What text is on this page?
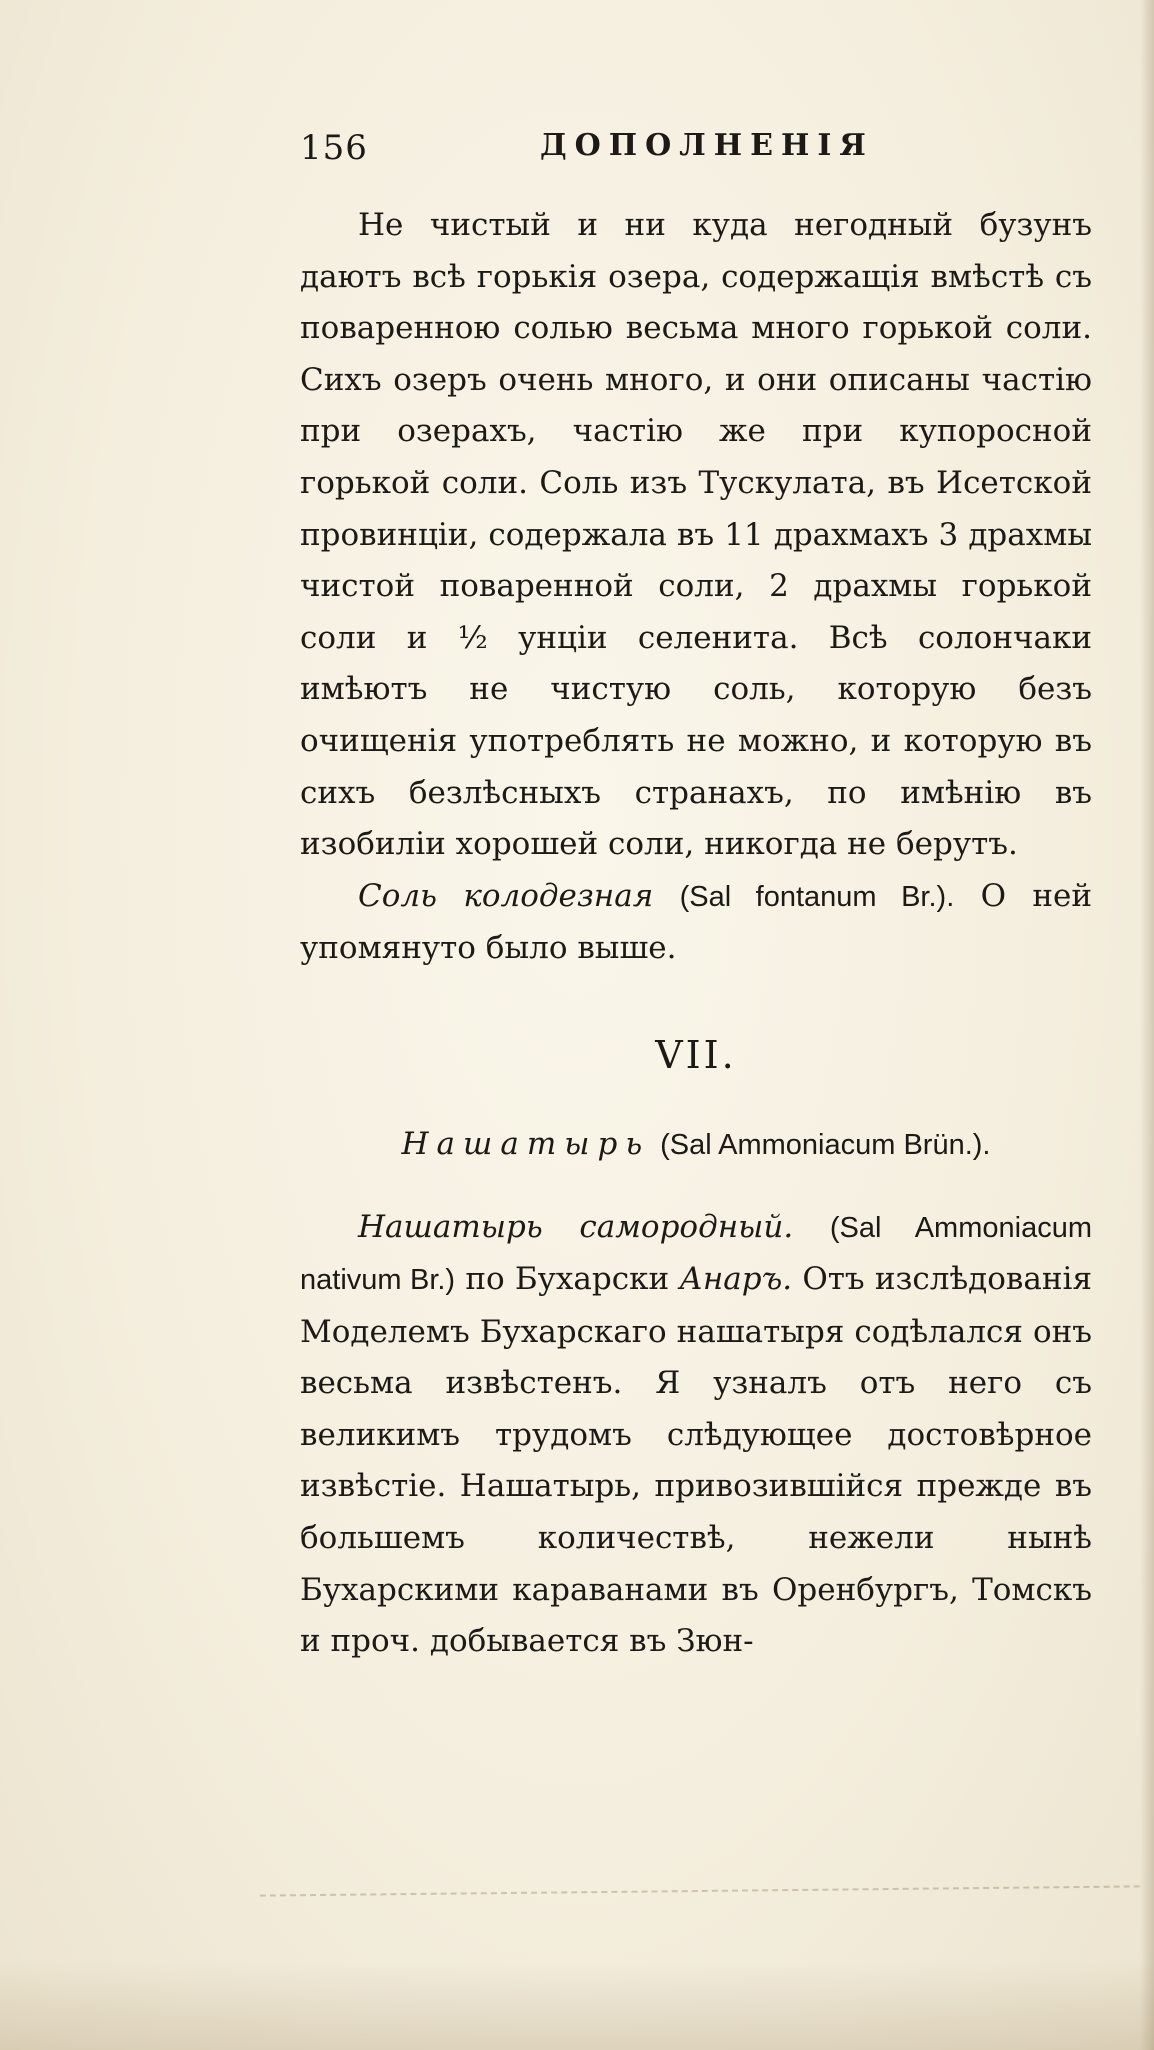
156	ДОПОЛНЕНІЯ

Не чистый и ни куда негодный бузунъ даютъ всѣ горькія озера, содержащія вмѣстѣ съ поваренною солью весьма много горькой соли. Сихъ озеръ очень много, и они описаны частію при озерахъ, частію же при купоросной горькой соли. Соль изъ Тускулата, въ Исетской провинціи, содержала въ 11 драхмахъ 3 драхмы чистой поваренной соли, 2 драхмы горькой соли и ½ унціи селенита. Всѣ солончаки имѣютъ не чистую соль, которую безъ очищенія употреблять не можно, и которую въ сихъ безлѣсныхъ странахъ, по имѣнію въ изобиліи хорошей соли, никогда не берутъ.

Соль колодезная (Sal fontanum Br.). О ней упомянуто было выше.

VII.

Нашатырь (Sal Ammoniacum Brün.).

Нашатырь самородный. (Sal Ammoniacum nativum Br.) по Бухарски Анаръ. Отъ изслѣдованія Моделемъ Бухарскаго нашатыря содѣлался онъ весьма извѣстенъ. Я узналъ отъ него съ великимъ трудомъ слѣдующее достовѣрное извѣстіе. Нашатырь, привозившійся прежде въ большемъ количествѣ, нежели нынѣ Бухарскими караванами въ Оренбургъ, Томскъ и проч. добывается въ Зюн-
